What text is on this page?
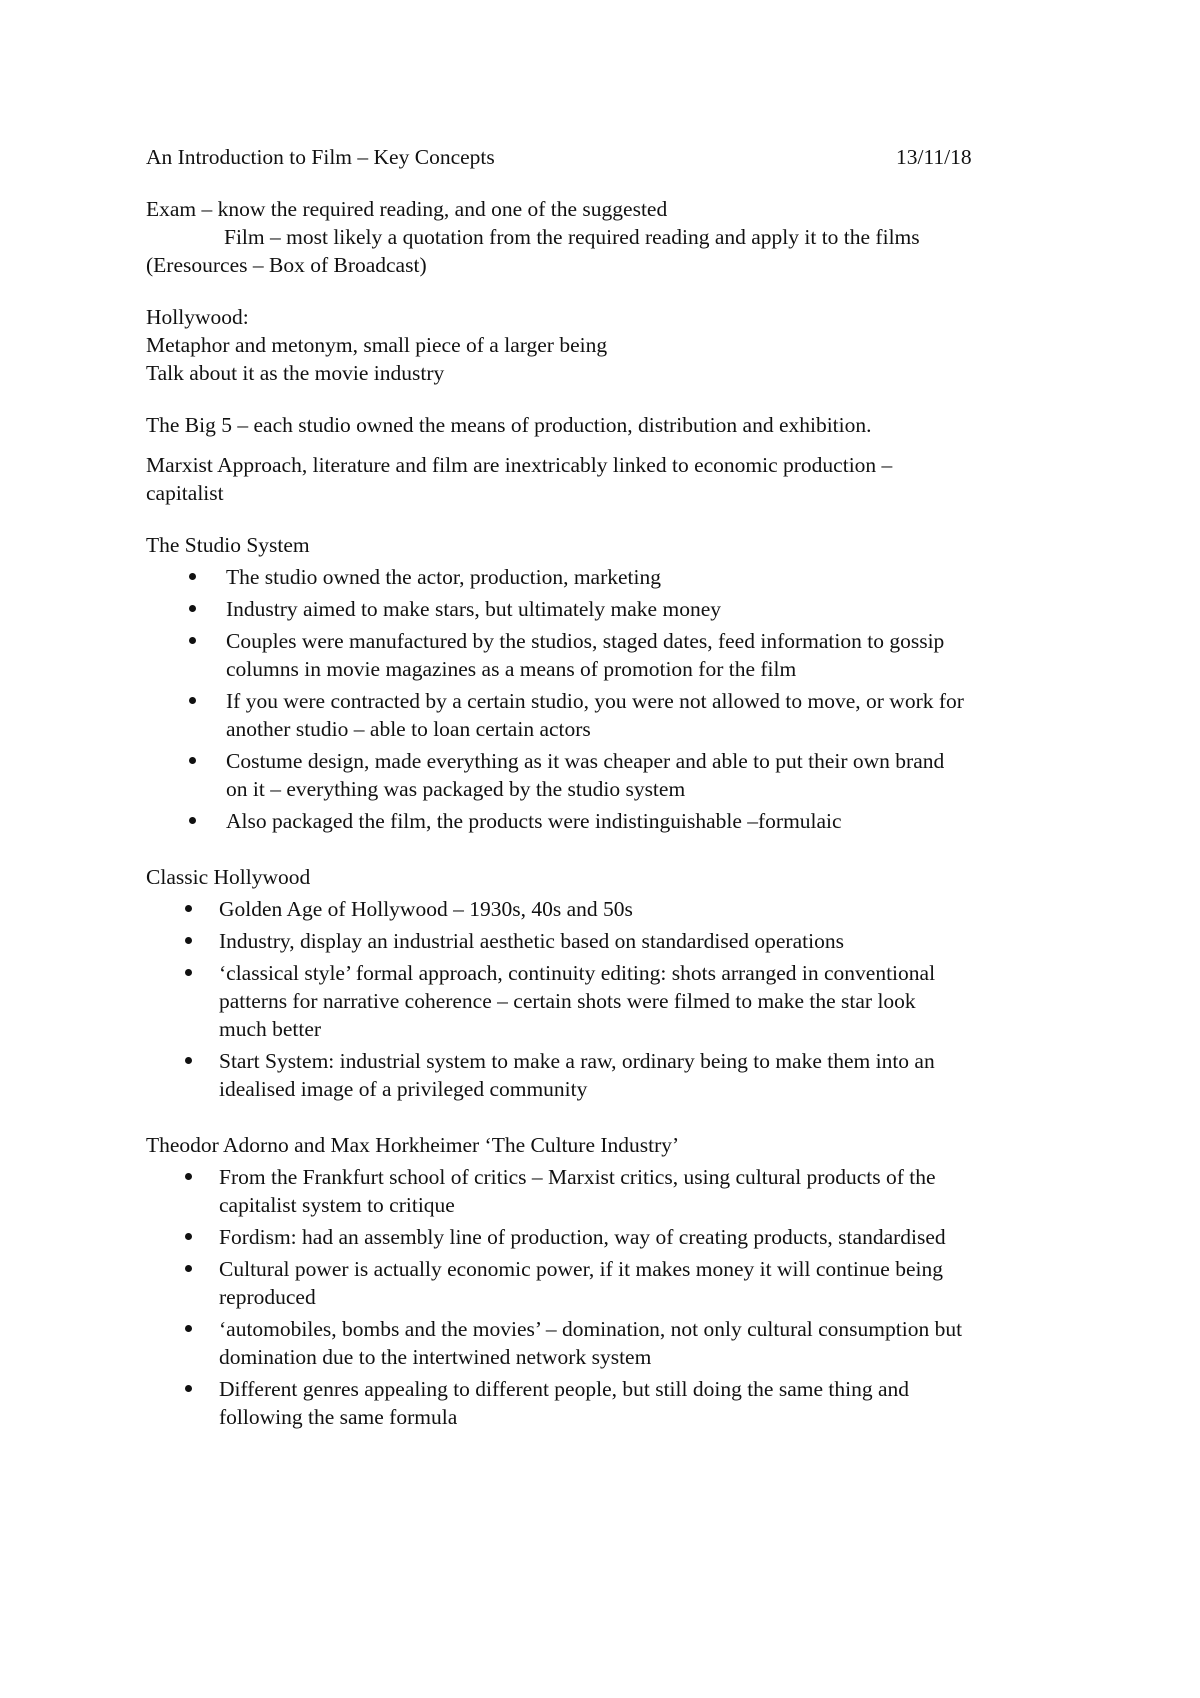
An Introduction to Film – Key Concepts	13/11/18

Exam – know the required reading, and one of the suggested

Film – most likely a quotation from the required reading and apply it to the films

(Eresources – Box of Broadcast)

Hollywood:

Metaphor and metonym, small piece of a larger being

Talk about it as the movie industry

The Big 5 – each studio owned the means of production, distribution and exhibition.

Marxist Approach, literature and film are inextricably linked to economic production –

capitalist

The Studio System

The studio owned the actor, production, marketing
Industry aimed to make stars, but ultimately make money
Couples were manufactured by the studios, staged dates, feed information to gossip
columns in movie magazines as a means of promotion for the film
If you were contracted by a certain studio, you were not allowed to move, or work for
another studio – able to loan certain actors
Costume design, made everything as it was cheaper and able to put their own brand
on it – everything was packaged by the studio system
Also packaged the film, the products were indistinguishable –formulaic

Classic Hollywood

Golden Age of Hollywood – 1930s, 40s and 50s
Industry, display an industrial aesthetic based on standardised operations
‘classical style’ formal approach, continuity editing: shots arranged in conventional
patterns for narrative coherence – certain shots were filmed to make the star look
much better
Start System: industrial system to make a raw, ordinary being to make them into an
idealised image of a privileged community

Theodor Adorno and Max Horkheimer ‘The Culture Industry’

From the Frankfurt school of critics – Marxist critics, using cultural products of the
capitalist system to critique
Fordism: had an assembly line of production, way of creating products, standardised
Cultural power is actually economic power, if it makes money it will continue being
reproduced
‘automobiles, bombs and the movies’ – domination, not only cultural consumption but
domination due to the intertwined network system
Different genres appealing to different people, but still doing the same thing and
following the same formula
